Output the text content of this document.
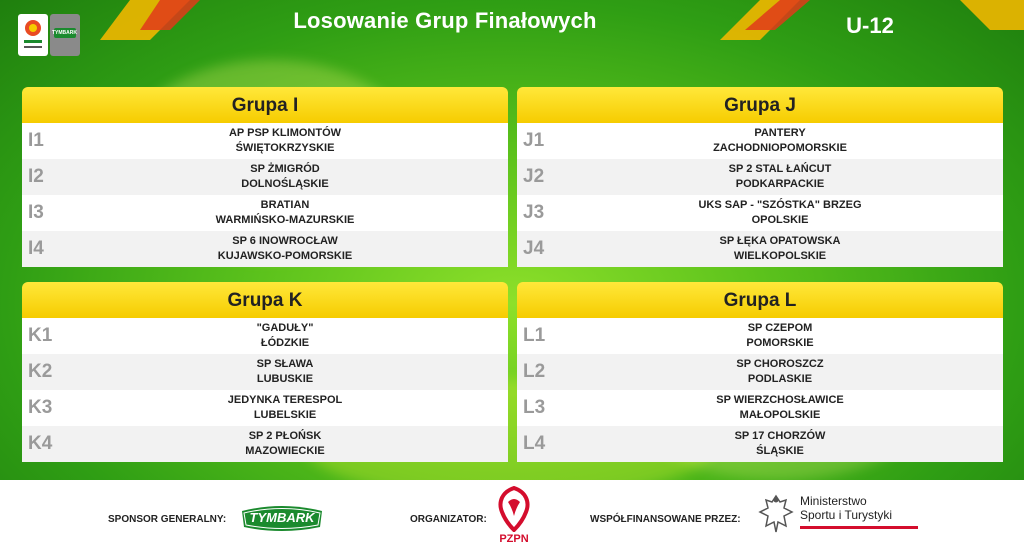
TYMBARK	Losowanie Grup Finałowych	U-12
Grupa I
I1	AP PSP KLIMONTÓW
ŚWIĘTOKRZYSKIE
I2	SP ŻMIGRÓD
DOLNOŚLĄSKIE
I3	BRATIAN
WARMIŃSKO-MAZURSKIE
I4	SP 6 INOWROCŁAW
KUJAWSKO-POMORSKIE
Grupa J
J1	PANTERY
ZACHODNIOPOMORSKIE
J2	SP 2 STAL ŁAŃCUT
PODKARPACKIE
J3	UKS SAP - "SZÓSTKA" BRZEG
OPOLSKIE
J4	SP ŁĘKA OPATOWSKA
WIELKOPOLSKIE
Grupa K
K1	"GADUŁY"
ŁÓDZKIE
K2	SP SŁAWA
LUBUSKIE
K3	JEDYNKA TERESPOL
LUBELSKIE
K4	SP 2 PŁOŃSK
MAZOWIECKIE
Grupa L
L1	SP CZEPOM
POMORSKIE
L2	SP CHOROSZCZ
PODLASKIE
L3	SP WIERZCHOSŁAWICE
MAŁOPOLSKIE
L4	SP 17 CHORZÓW
ŚLĄSKIE
SPONSOR GENERALNY:	TYMBARK	ORGANIZATOR:
PZPN
WSPÓŁFINANSOWANE PRZEZ:
Ministerstwo
Sportu i Turystyki
